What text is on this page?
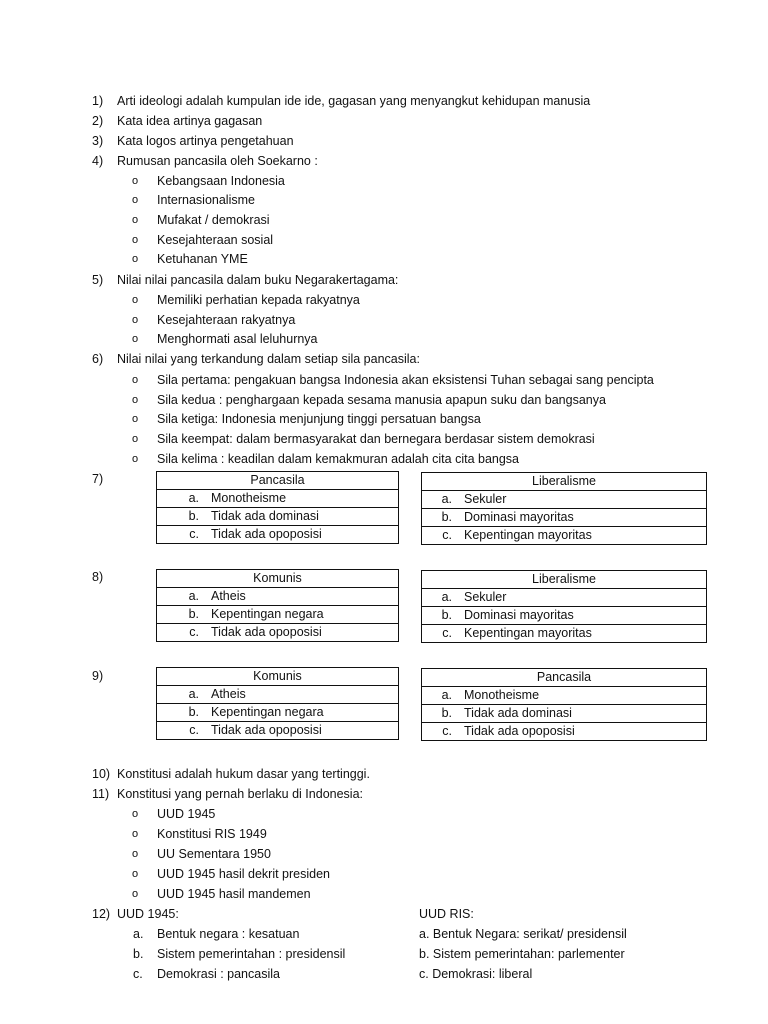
1) Arti ideologi adalah kumpulan ide ide, gagasan yang menyangkut kehidupan manusia
2) Kata idea artinya gagasan
3) Kata logos artinya pengetahuan
4) Rumusan pancasila oleh Soekarno :
o Kebangsaan Indonesia
o Internasionalisme
o Mufakat / demokrasi
o Kesejahteraan sosial
o Ketuhanan YME
5) Nilai nilai pancasila dalam buku Negarakertagama:
o Memiliki perhatian kepada rakyatnya
o Kesejahteraan rakyatnya
o Menghormati asal leluhurnya
6) Nilai nilai yang terkandung dalam setiap sila pancasila:
o Sila pertama: pengakuan bangsa Indonesia akan eksistensi Tuhan sebagai sang pencipta
o Sila kedua : penghargaan kepada sesama manusia apapun suku dan bangsanya
o Sila ketiga: Indonesia menjunjung tinggi persatuan bangsa
o Sila keempat: dalam bermasyarakat dan bernegara berdasar sistem demokrasi
o Sila kelima : keadilan dalam kemakmuran adalah cita cita bangsa
7)	Pancasila
a. Monotheisme
b. Tidak ada dominasi
c. Tidak ada opoposisi
Liberalisme
a. Sekuler
b. Dominasi mayoritas
c. Kepentingan mayoritas
8)	Komunis
a. Atheis
b. Kepentingan negara
c. Tidak ada opoposisi
Liberalisme
a. Sekuler
b. Dominasi mayoritas
c. Kepentingan mayoritas
9)	Komunis
a. Atheis
b. Kepentingan negara
c. Tidak ada opoposisi
Pancasila
a. Monotheisme
b. Tidak ada dominasi
c. Tidak ada opoposisi
10) Konstitusi adalah hukum dasar yang tertinggi.
11) Konstitusi yang pernah berlaku di Indonesia:
o UUD 1945
o Konstitusi RIS 1949
o UU Sementara 1950
o UUD 1945 hasil dekrit presiden
o UUD 1945 hasil mandemen
12) UUD 1945:	UUD RIS:
a. Bentuk negara : kesatuan	a. Bentuk Negara: serikat/ presidensil
b. Sistem pemerintahan : presidensil	b. Sistem pemerintahan: parlementer
c. Demokrasi : pancasila	c. Demokrasi: liberal
